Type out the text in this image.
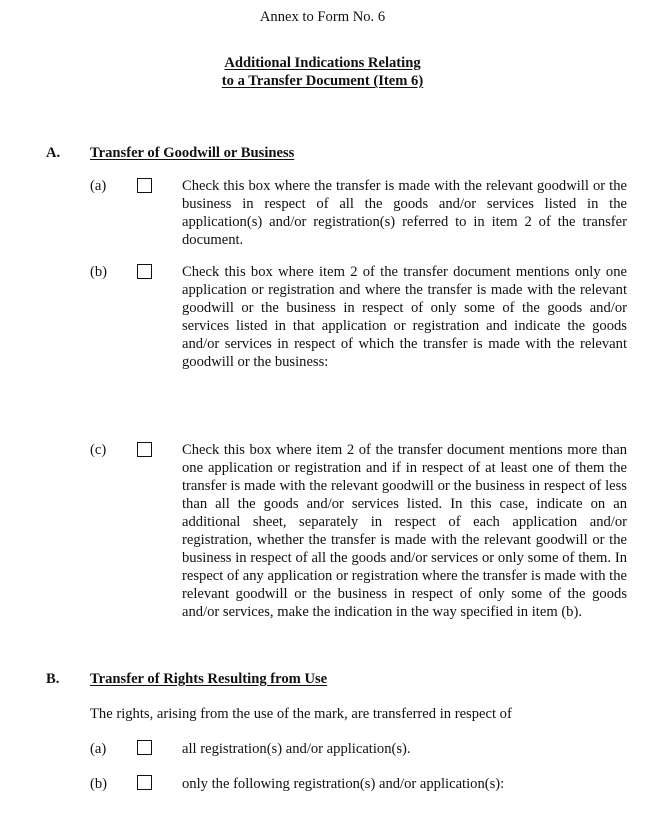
Annex to Form No. 6
Additional Indications Relating
to a Transfer Document (Item 6)
A. Transfer of Goodwill or Business
(a)	Check this box where the transfer is made with the relevant goodwill or the business in respect of all the goods and/or services listed in the application(s) and/or registration(s) referred to in item 2 of the transfer document.
(b)	Check this box where item 2 of the transfer document mentions only one application or registration and where the transfer is made with the relevant goodwill or the business in respect of only some of the goods and/or services listed in that application or registration and indicate the goods and/or services in respect of which the transfer is made with the relevant goodwill or the business:
(c)	Check this box where item 2 of the transfer document mentions more than one application or registration and if in respect of at least one of them the transfer is made with the relevant goodwill or the business in respect of less than all the goods and/or services listed. In this case, indicate on an additional sheet, separately in respect of each application and/or registration, whether the transfer is made with the relevant goodwill or the business in respect of all the goods and/or services or only some of them. In respect of any application or registration where the transfer is made with the relevant goodwill or the business in respect of only some of the goods and/or services, make the indication in the way specified in item (b).
B. Transfer of Rights Resulting from Use
The rights, arising from the use of the mark, are transferred in respect of
(a)	all registration(s) and/or application(s).
(b)	only the following registration(s) and/or application(s):
